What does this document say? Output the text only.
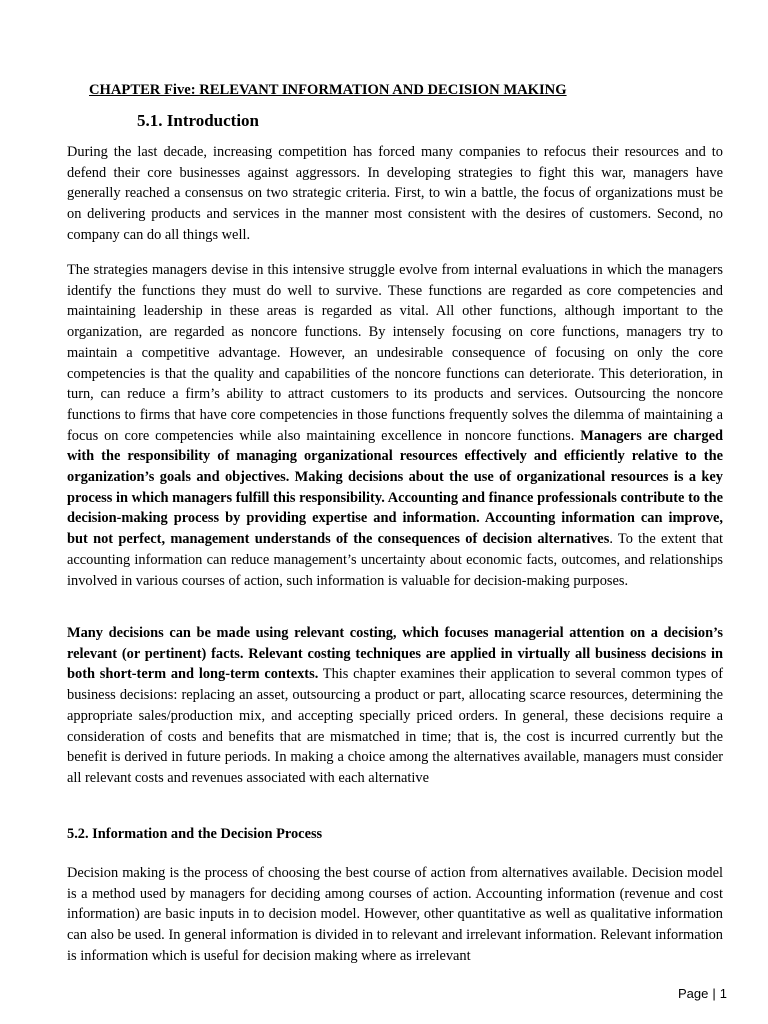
CHAPTER Five: RELEVANT INFORMATION AND DECISION MAKING
5.1. Introduction

During the last decade, increasing competition has forced many companies to refocus their resources and to defend their core businesses against aggressors. In developing strategies to fight this war, managers have generally reached a consensus on two strategic criteria. First, to win a battle, the focus of organizations must be on delivering products and services in the manner most consistent with the desires of customers. Second, no company can do all things well.

The strategies managers devise in this intensive struggle evolve from internal evaluations in which the managers identify the functions they must do well to survive. These functions are regarded as core competencies and maintaining leadership in these areas is regarded as vital. All other functions, although important to the organization, are regarded as noncore functions. By intensely focusing on core functions, managers try to maintain a competitive advantage. However, an undesirable consequence of focusing on only the core competencies is that the quality and capabilities of the noncore functions can deteriorate. This deterioration, in turn, can reduce a firm’s ability to attract customers to its products and services. Outsourcing the noncore functions to firms that have core competencies in those functions frequently solves the dilemma of maintaining a focus on core competencies while also maintaining excellence in noncore functions. Managers are charged with the responsibility of managing organizational resources effectively and efficiently relative to the organization’s goals and objectives. Making decisions about the use of organizational resources is a key process in which managers fulfill this responsibility. Accounting and finance professionals contribute to the decision-making process by providing expertise and information. Accounting information can improve, but not perfect, management understands of the consequences of decision alternatives. To the extent that accounting information can reduce management’s uncertainty about economic facts, outcomes, and relationships involved in various courses of action, such information is valuable for decision-making purposes.

Many decisions can be made using relevant costing, which focuses managerial attention on a decision’s relevant (or pertinent) facts. Relevant costing techniques are applied in virtually all business decisions in both short-term and long-term contexts. This chapter examines their application to several common types of business decisions: replacing an asset, outsourcing a product or part, allocating scarce resources, determining the appropriate sales/production mix, and accepting specially priced orders. In general, these decisions require a consideration of costs and benefits that are mismatched in time; that is, the cost is incurred currently but the benefit is derived in future periods. In making a choice among the alternatives available, managers must consider all relevant costs and revenues associated with each alternative

5.2. Information and the Decision Process

Decision making is the process of choosing the best course of action from alternatives available. Decision model is a method used by managers for deciding among courses of action. Accounting information (revenue and cost information) are basic inputs in to decision model. However, other quantitative as well as qualitative information can also be used. In general information is divided in to relevant and irrelevant information. Relevant information is information which is useful for decision making where as irrelevant

Page | 1
